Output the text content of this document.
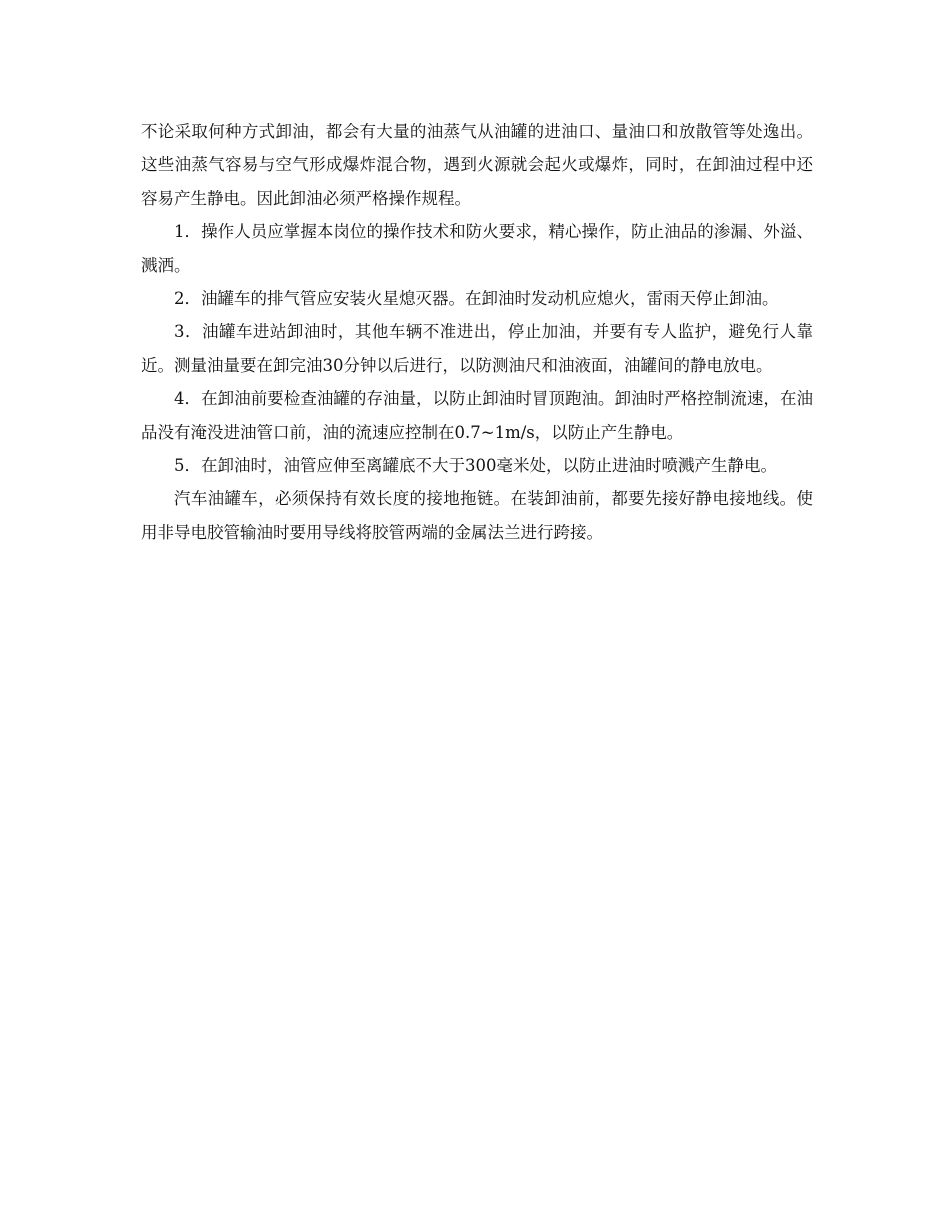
不论采取何种方式卸油，都会有大量的油蒸气从油罐的进油口、量油口和放散管等处逸出。这些油蒸气容易与空气形成爆炸混合物，遇到火源就会起火或爆炸，同时，在卸油过程中还容易产生静电。因此卸油必须严格操作规程。

1．操作人员应掌握本岗位的操作技术和防火要求，精心操作，防止油品的渗漏、外溢、溅洒。

2．油罐车的排气管应安装火星熄灭器。在卸油时发动机应熄火，雷雨天停止卸油。

3．油罐车进站卸油时，其他车辆不准进出，停止加油，并要有专人监护，避免行人靠近。测量油量要在卸完油30分钟以后进行，以防测油尺和油液面，油罐间的静电放电。

4．在卸油前要检查油罐的存油量，以防止卸油时冒顶跑油。卸油时严格控制流速，在油品没有淹没进油管口前，油的流速应控制在0.7~1m/s，以防止产生静电。

5．在卸油时，油管应伸至离罐底不大于300毫米处，以防止进油时喷溅产生静电。

汽车油罐车，必须保持有效长度的接地拖链。在装卸油前，都要先接好静电接地线。使用非导电胶管输油时要用导线将胶管两端的金属法兰进行跨接。
